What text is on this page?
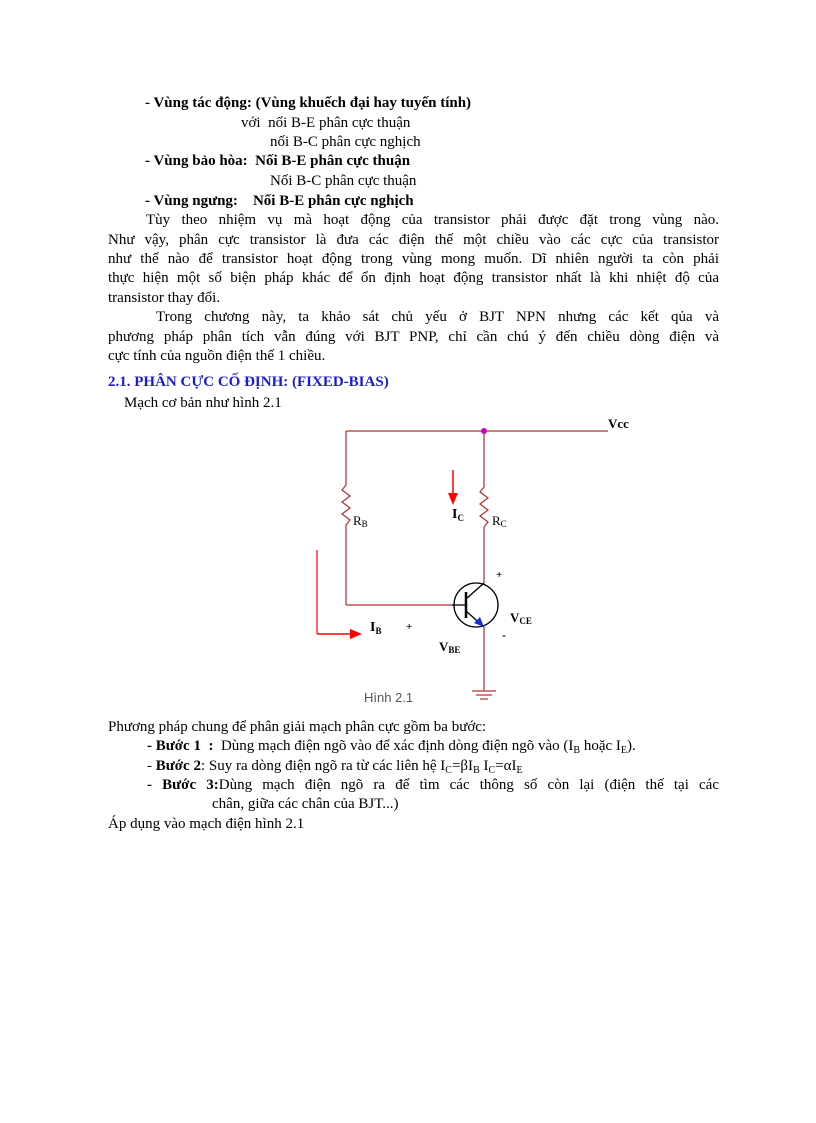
- Vùng tác động: (Vùng khuếch đại hay tuyến tính)
với nối B-E phân cực thuận
nối B-C phân cực nghịch
- Vùng bảo hòa: Nối B-E phân cực thuận
Nối B-C phân cực thuận
- Vùng ngưng: Nối B-E phân cực nghịch
Tùy theo nhiệm vụ mà hoạt động của transistor phải được đặt trong vùng nào.
Như vậy, phân cực transistor là đưa các điện thế một chiều vào các cực của transistor
như thế nào để transistor hoạt động trong vùng mong muốn. Dĩ nhiên người ta còn phải
thực hiện một số biện pháp khác để ổn định hoạt động transistor nhất là khi nhiệt độ của
transistor thay đổi.
Trong chương này, ta khảo sát chủ yếu ở BJT NPN nhưng các kết qủa và
phương pháp phân tích vẫn đúng với BJT PNP, chỉ cần chú ý đến chiều dòng điện và
cực tính của nguồn điện thế 1 chiều.
2.1. PHÂN CỰC CỐ ĐỊNH: (FIXED-BIAS)
Mạch cơ bản như hình 2.1
Vcc
RB	RC
$I_C$
$I_B$ +
+
-
VCE
VBE
Hình 2.1
Phương pháp chung để phân giải mạch phân cực gồm ba bước:
- Bước 1 : Dùng mạch điện ngõ vào để xác định dòng điện ngõ vào ($I_B$ hoặc $I_E$).
- Bước 2: Suy ra dòng điện ngõ ra từ các liên hệ $I_C=\beta I_B$ $I_C=\alpha I_E$
- Bước 3:Dùng mạch điện ngõ ra để tìm các thông số còn lại (điện thế tại các
chân, giữa các chân của BJT...)
Áp dụng vào mạch điện hình 2.1
